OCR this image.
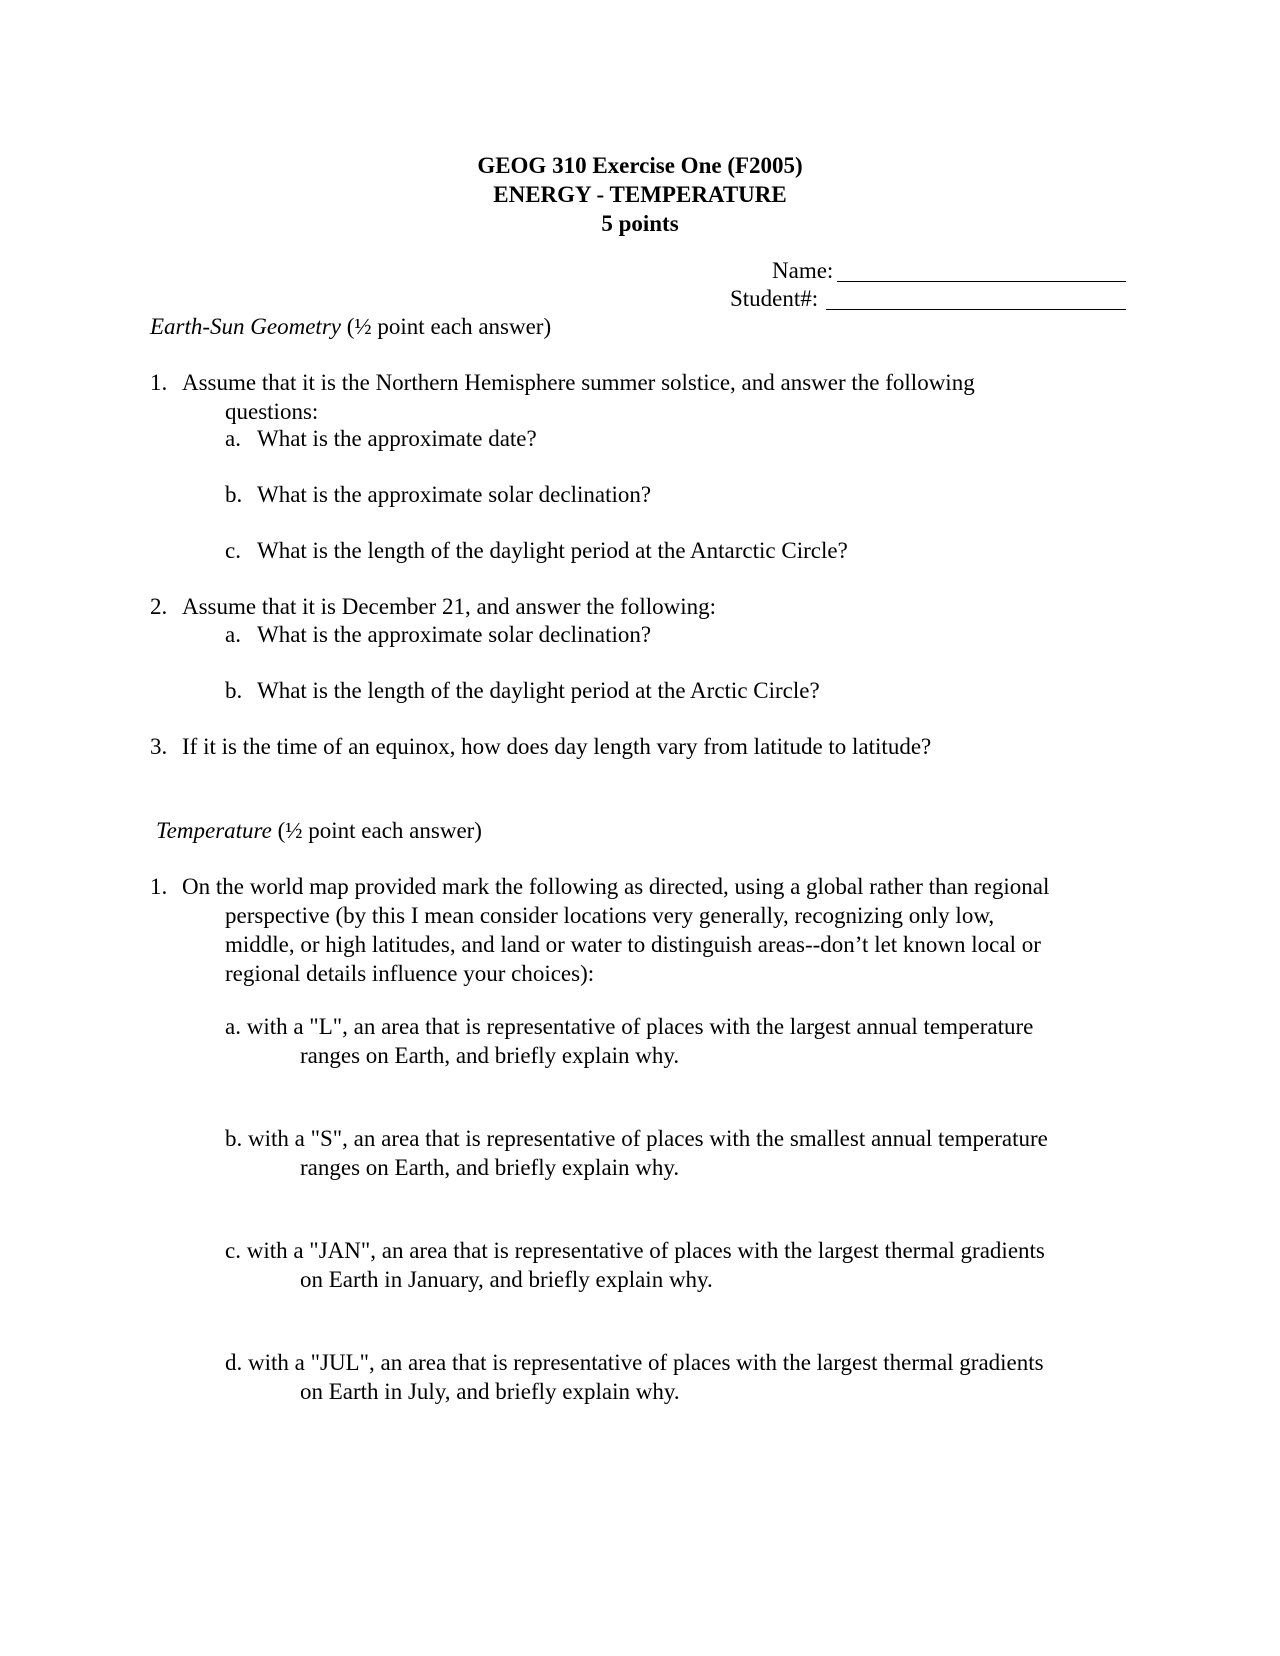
GEOG 310 Exercise One (F2005)
ENERGY - TEMPERATURE
5 points
Name:
Student#:
Earth-Sun Geometry (½ point each answer)
1. Assume that it is the Northern Hemisphere summer solstice, and answer the following
questions:
a. What is the approximate date?
b. What is the approximate solar declination?
c. What is the length of the daylight period at the Antarctic Circle?
2. Assume that it is December 21, and answer the following:
a. What is the approximate solar declination?
b. What is the length of the daylight period at the Arctic Circle?
3. If it is the time of an equinox, how does day length vary from latitude to latitude?
Temperature (½ point each answer)
1. On the world map provided mark the following as directed, using a global rather than regional
perspective (by this I mean consider locations very generally, recognizing only low,
middle, or high latitudes, and land or water to distinguish areas--don’t let known local or
regional details influence your choices):
a. with a "L", an area that is representative of places with the largest annual temperature
ranges on Earth, and briefly explain why.
b. with a "S", an area that is representative of places with the smallest annual temperature
ranges on Earth, and briefly explain why.
c. with a "JAN", an area that is representative of places with the largest thermal gradients
on Earth in January, and briefly explain why.
d. with a "JUL", an area that is representative of places with the largest thermal gradients
on Earth in July, and briefly explain why.
